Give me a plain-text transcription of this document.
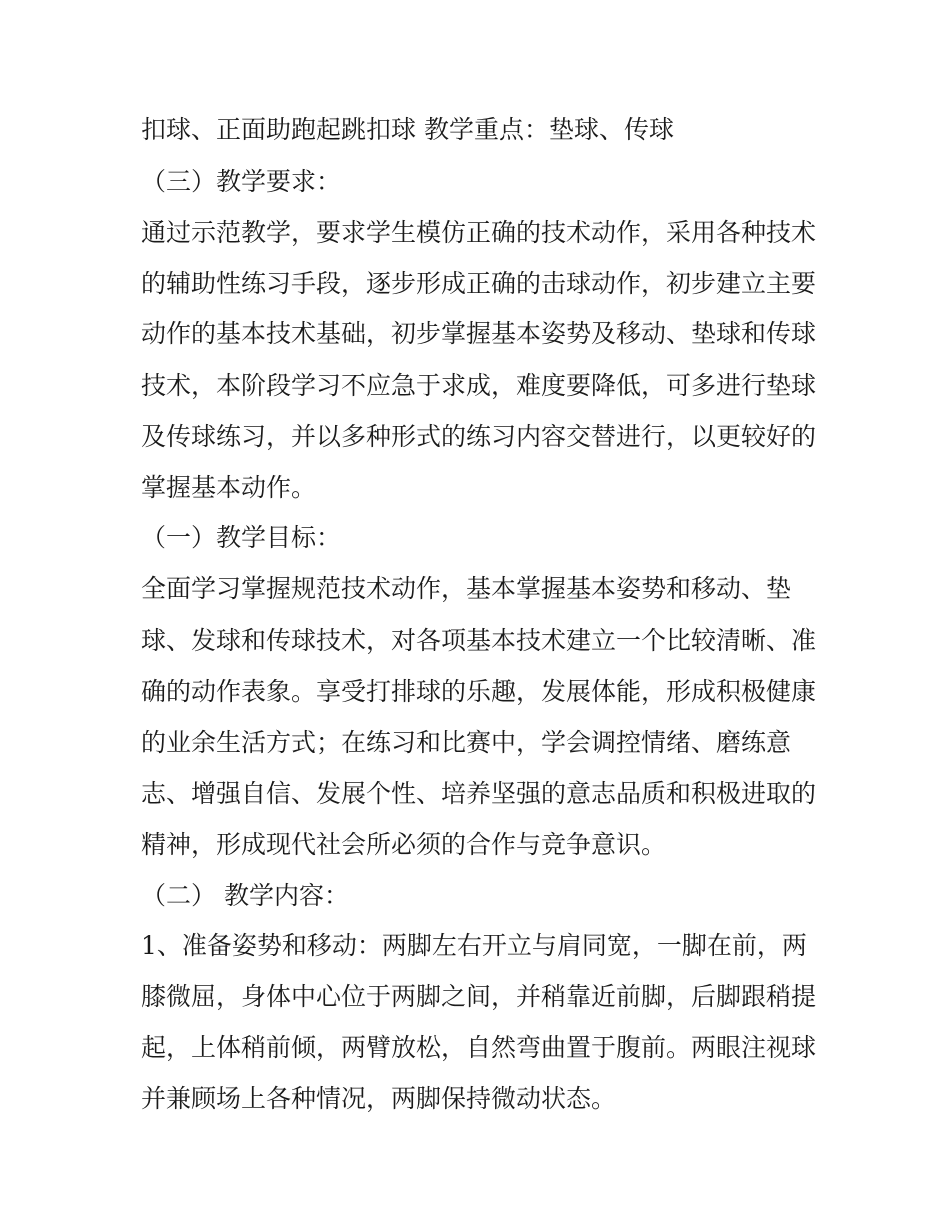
扣球、正面助跑起跳扣球 教学重点：垫球、传球
（三）教学要求：
通过示范教学，要求学生模仿正确的技术动作，采用各种技术
的辅助性练习手段，逐步形成正确的击球动作，初步建立主要
动作的基本技术基础，初步掌握基本姿势及移动、垫球和传球
技术，本阶段学习不应急于求成，难度要降低，可多进行垫球
及传球练习，并以多种形式的练习内容交替进行，以更较好的
掌握基本动作。
（一）教学目标：
全面学习掌握规范技术动作，基本掌握基本姿势和移动、垫
球、发球和传球技术，对各项基本技术建立一个比较清晰、准
确的动作表象。享受打排球的乐趣，发展体能，形成积极健康
的业余生活方式；在练习和比赛中，学会调控情绪、磨练意
志、增强自信、发展个性、培养坚强的意志品质和积极进取的
精神，形成现代社会所必须的合作与竞争意识。
（二） 教学内容：
1、准备姿势和移动：两脚左右开立与肩同宽，一脚在前，两
膝微屈，身体中心位于两脚之间，并稍靠近前脚，后脚跟稍提
起，上体稍前倾，两臂放松，自然弯曲置于腹前。两眼注视球
并兼顾场上各种情况，两脚保持微动状态。
